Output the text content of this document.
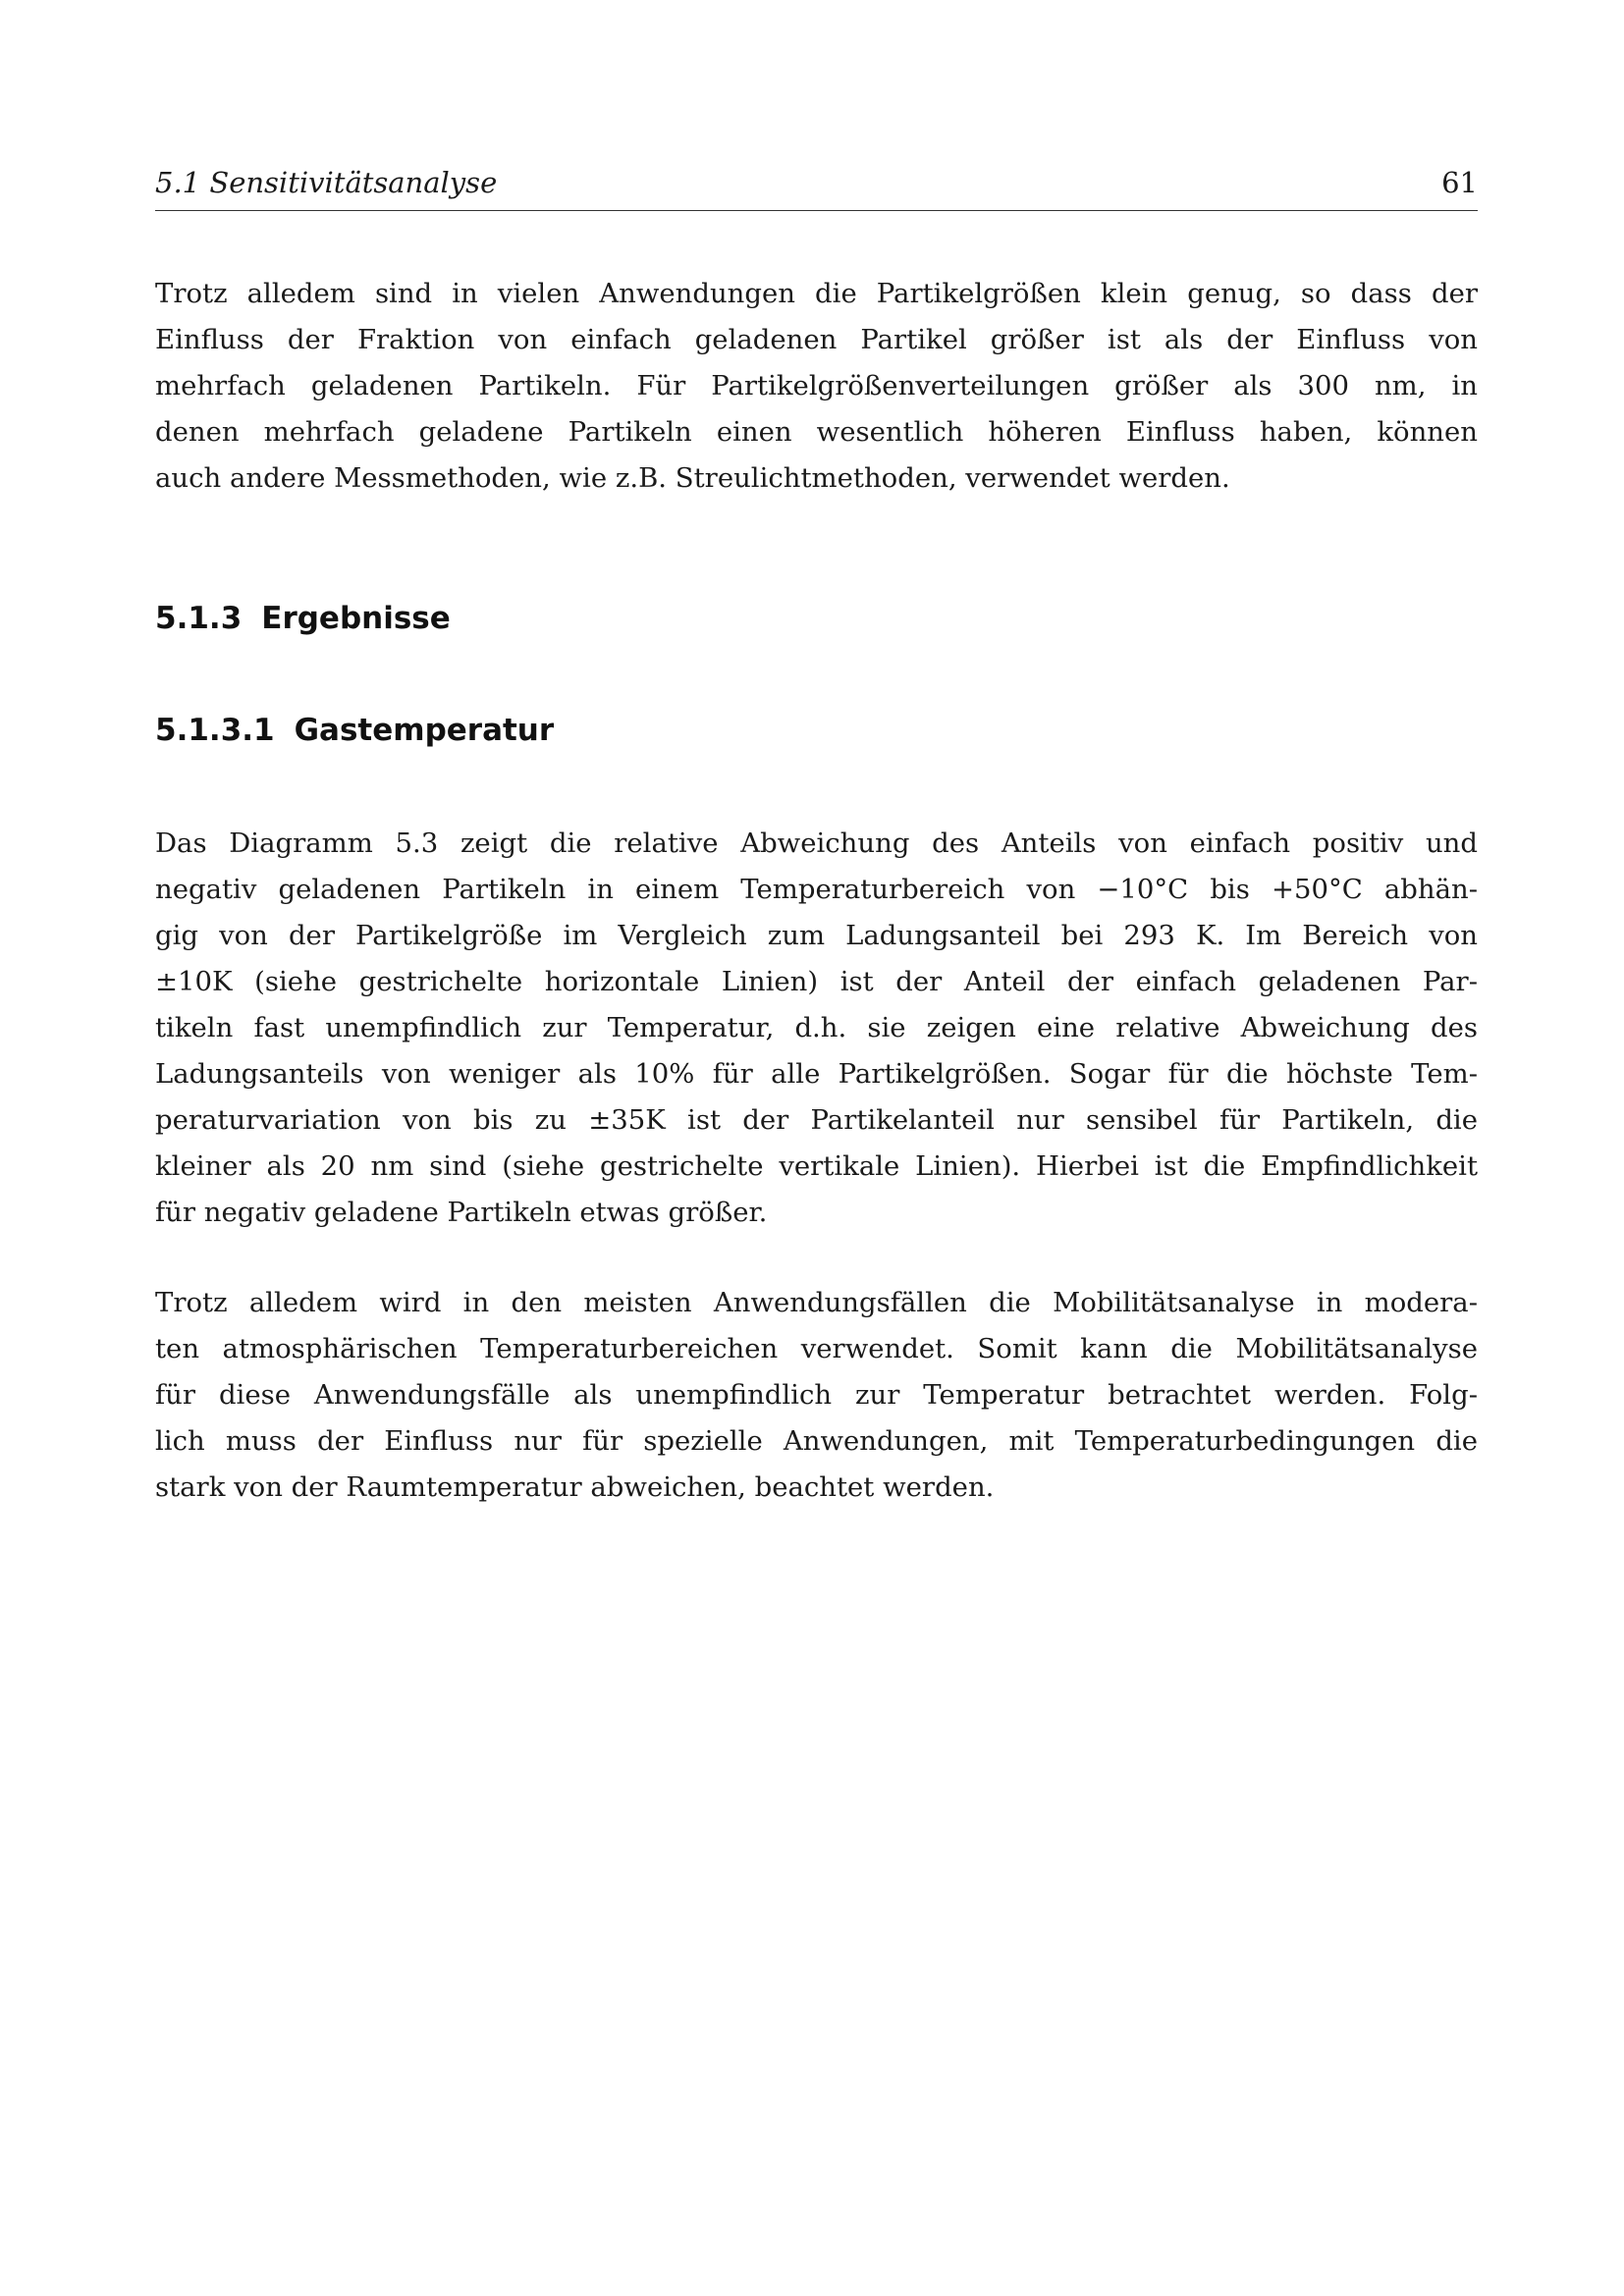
5.1 Sensitivitätsanalyse	61

Trotz alledem sind in vielen Anwendungen die Partikelgrößen klein genug, so dass der
Einfluss der Fraktion von einfach geladenen Partikel größer ist als der Einfluss von
mehrfach geladenen Partikeln. Für Partikelgrößenverteilungen größer als 300 nm, in
denen mehrfach geladene Partikeln einen wesentlich höheren Einfluss haben, können
auch andere Messmethoden, wie z.B. Streulichtmethoden, verwendet werden.

5.1.3 Ergebnisse
5.1.3.1 Gastemperatur

Das Diagramm 5.3 zeigt die relative Abweichung des Anteils von einfach positiv und
negativ geladenen Partikeln in einem Temperaturbereich von −10°C bis +50°C abhän-
gig von der Partikelgröße im Vergleich zum Ladungsanteil bei 293 K. Im Bereich von
±10K (siehe gestrichelte horizontale Linien) ist der Anteil der einfach geladenen Par-
tikeln fast unempfindlich zur Temperatur, d.h. sie zeigen eine relative Abweichung des
Ladungsanteils von weniger als 10% für alle Partikelgrößen. Sogar für die höchste Tem-
peraturvariation von bis zu ±35K ist der Partikelanteil nur sensibel für Partikeln, die
kleiner als 20 nm sind (siehe gestrichelte vertikale Linien). Hierbei ist die Empfindlichkeit
für negativ geladene Partikeln etwas größer.

Trotz alledem wird in den meisten Anwendungsfällen die Mobilitätsanalyse in modera-
ten atmosphärischen Temperaturbereichen verwendet. Somit kann die Mobilitätsanalyse
für diese Anwendungsfälle als unempfindlich zur Temperatur betrachtet werden. Folg-
lich muss der Einfluss nur für spezielle Anwendungen, mit Temperaturbedingungen die
stark von der Raumtemperatur abweichen, beachtet werden.
